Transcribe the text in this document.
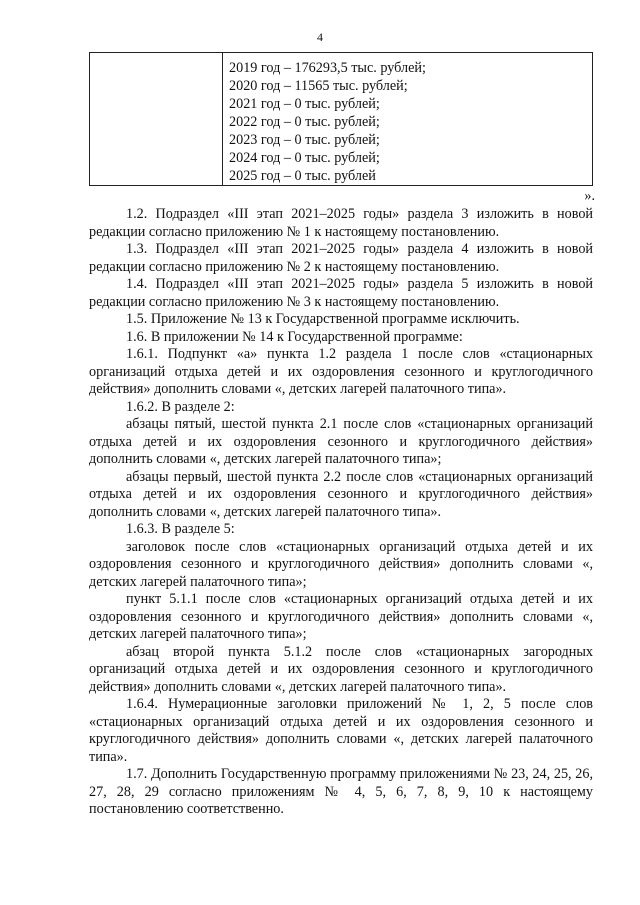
4
2019 год – 176293,5 тыс. рублей;
2020 год – 11565 тыс. рублей;
2021 год – 0 тыс. рублей;
2022 год – 0 тыс. рублей;
2023 год – 0 тыс. рублей;
2024 год – 0 тыс. рублей;
2025 год – 0 тыс. рублей
».

1.2. Подраздел «III этап 2021–2025 годы» раздела 3 изложить в новой редакции согласно приложению № 1 к настоящему постановлению.

1.3. Подраздел «III этап 2021–2025 годы» раздела 4 изложить в новой редакции согласно приложению № 2 к настоящему постановлению.

1.4. Подраздел «III этап 2021–2025 годы» раздела 5 изложить в новой редакции согласно приложению № 3 к настоящему постановлению.

1.5. Приложение № 13 к Государственной программе исключить.

1.6. В приложении № 14 к Государственной программе:

1.6.1. Подпункт «а» пункта 1.2 раздела 1 после слов «стационарных организаций отдыха детей и их оздоровления сезонного и круглогодичного действия» дополнить словами «, детских лагерей палаточного типа».

1.6.2. В разделе 2:

абзацы пятый, шестой пункта 2.1 после слов «стационарных организаций отдыха детей и их оздоровления сезонного и круглогодичного действия» дополнить словами «, детских лагерей палаточного типа»;

абзацы первый, шестой пункта 2.2 после слов «стационарных организаций отдыха детей и их оздоровления сезонного и круглогодичного действия» дополнить словами «, детских лагерей палаточного типа».

1.6.3. В разделе 5:

заголовок после слов «стационарных организаций отдыха детей и их оздоровления сезонного и круглогодичного действия» дополнить словами «, детских лагерей палаточного типа»;

пункт 5.1.1 после слов «стационарных организаций отдыха детей и их оздоровления сезонного и круглогодичного действия» дополнить словами «, детских лагерей палаточного типа»;

абзац второй пункта 5.1.2 после слов «стационарных загородных организаций отдыха детей и их оздоровления сезонного и круглогодичного действия» дополнить словами «, детских лагерей палаточного типа».

1.6.4. Нумерационные заголовки приложений № 1, 2, 5 после слов «стационарных организаций отдыха детей и их оздоровления сезонного и круглогодичного действия» дополнить словами «, детских лагерей палаточного типа».

1.7. Дополнить Государственную программу приложениями № 23, 24, 25, 26, 27, 28, 29 согласно приложениям № 4, 5, 6, 7, 8, 9, 10 к настоящему постановлению соответственно.
